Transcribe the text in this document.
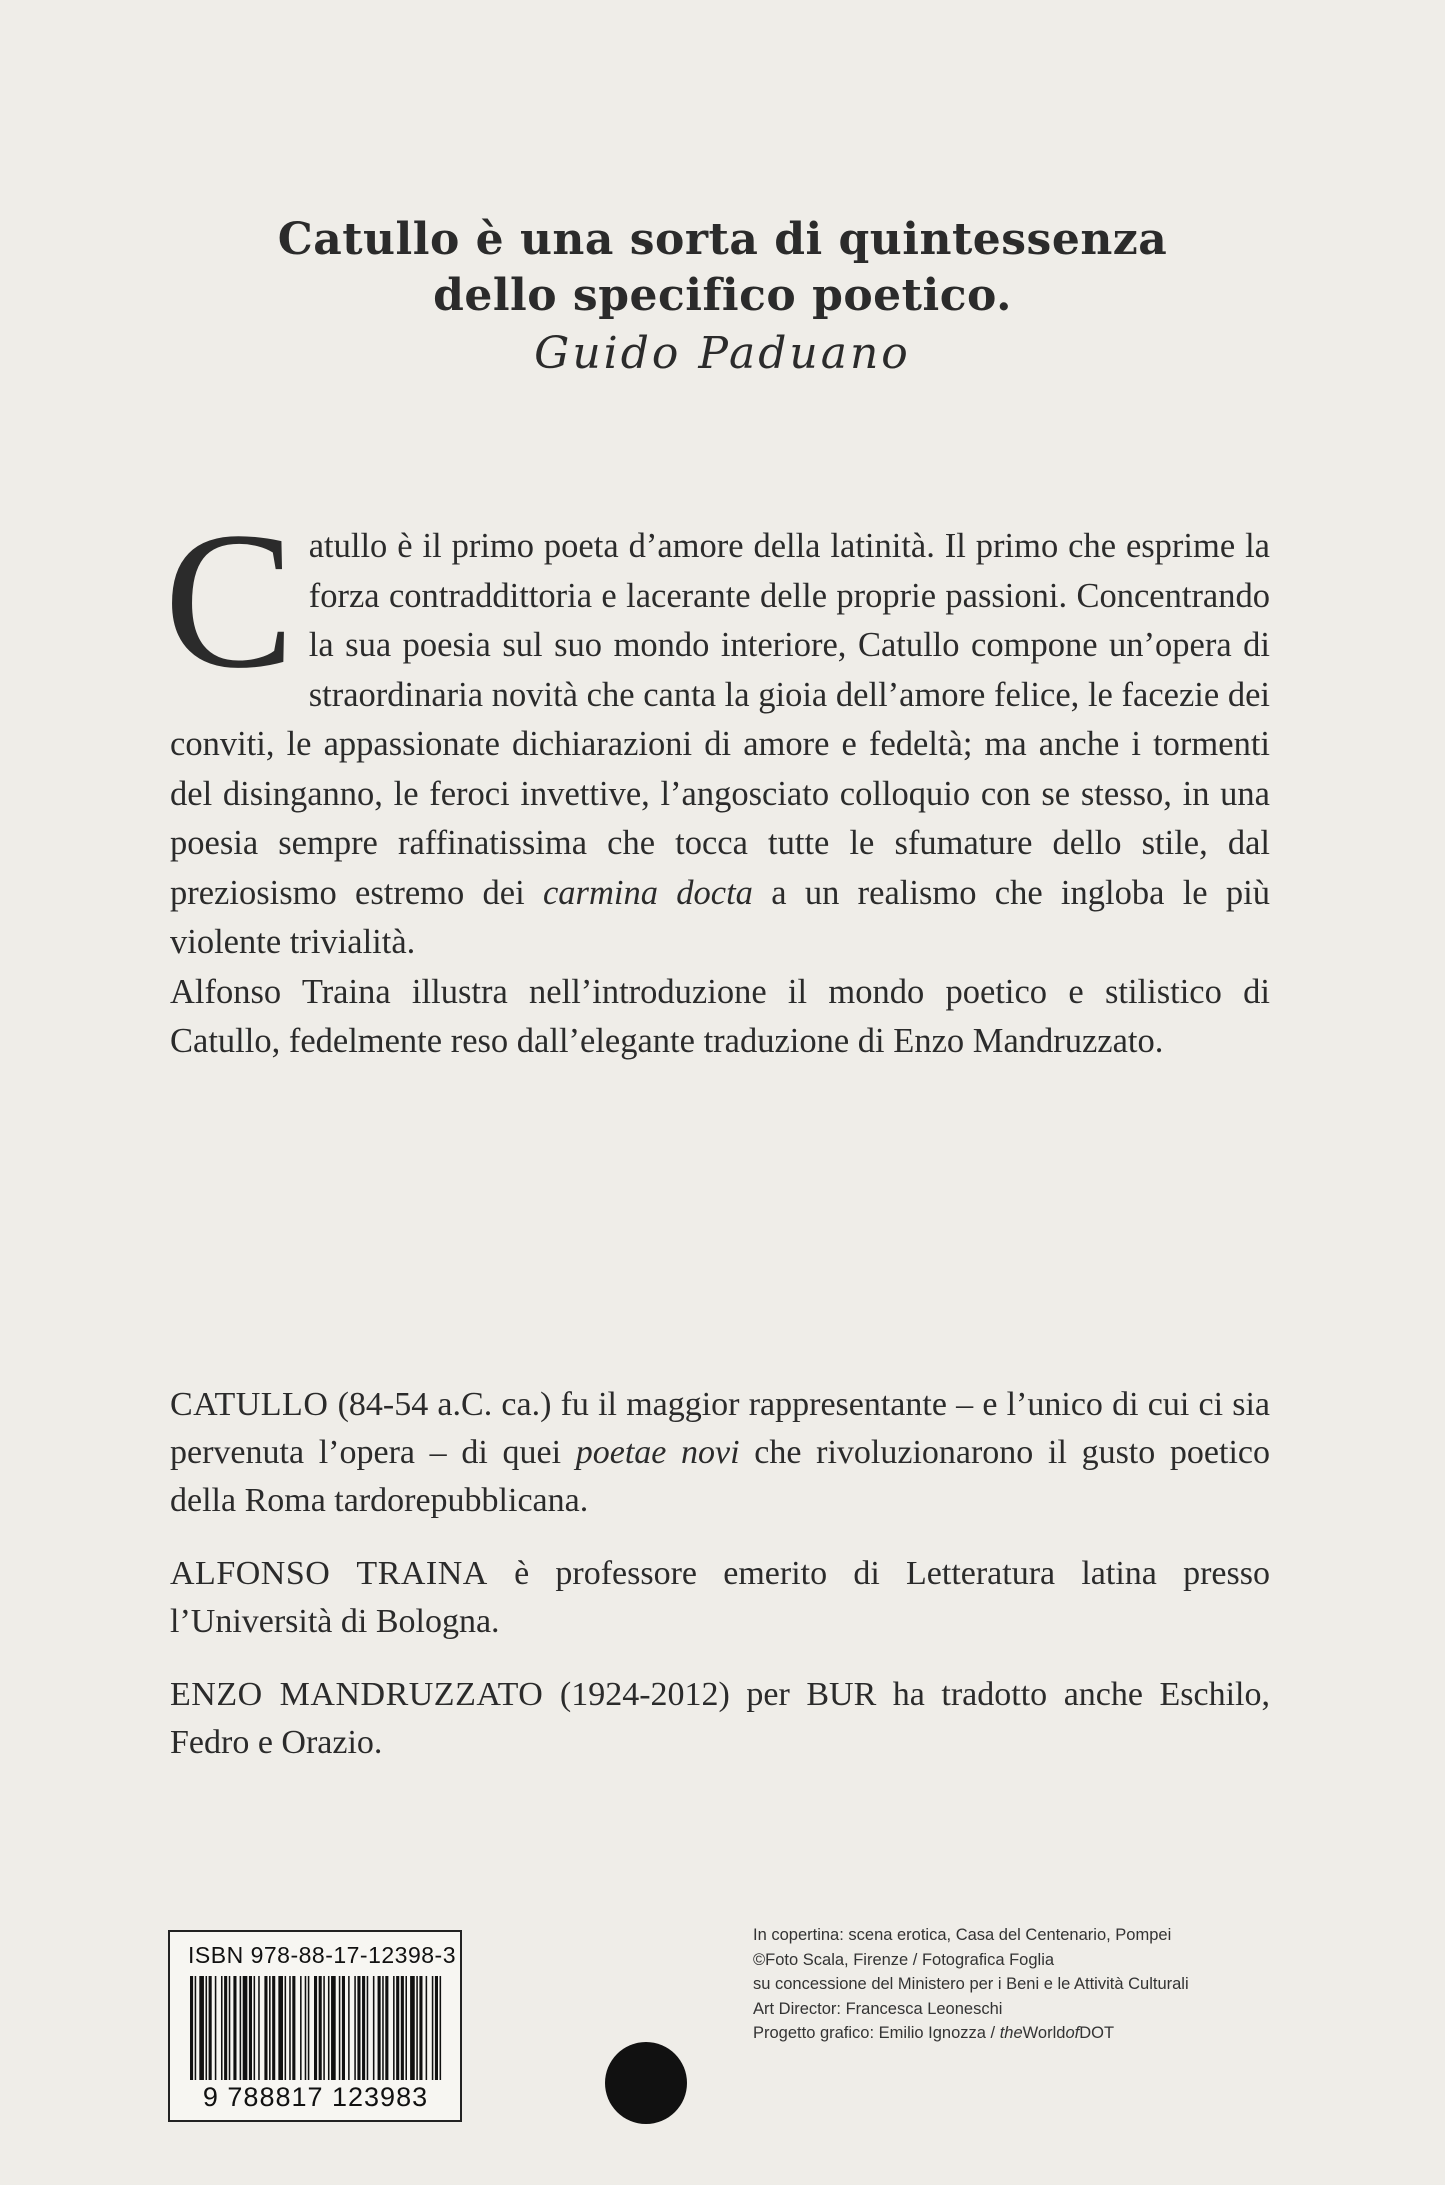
Catullo è una sorta di quintessenza
dello specifico poetico.
Guido Paduano

Catullo è il primo poeta d’amore della latinità. Il primo che esprime la forza contraddittoria e lacerante delle proprie passioni. Concentrando la sua poesia sul suo mondo interiore, Catullo compone un’opera di straordinaria novità che canta la gioia dell’amore felice, le facezie dei conviti, le appassionate dichiarazioni di amore e fedeltà; ma anche i tormenti del disinganno, le feroci invettive, l’angosciato colloquio con se stesso, in una poesia sempre raffinatissima che tocca tutte le sfumature dello stile, dal preziosismo estremo dei carmina docta a un realismo che ingloba le più violente trivialità.

Alfonso Traina illustra nell’introduzione il mondo poetico e stilistico di Catullo, fedelmente reso dall’elegante traduzione di Enzo Mandruzzato.

CATULLO (84-54 a.C. ca.) fu il maggior rappresentante – e l’unico di cui ci sia pervenuta l’opera – di quei poetae novi che rivoluzionarono il gusto poetico della Roma tardorepubblicana.

ALFONSO TRAINA è professore emerito di Letteratura latina presso l’Università di Bologna.

ENZO MANDRUZZATO (1924-2012) per BUR ha tradotto anche Eschilo, Fedro e Orazio.

ISBN 978-88-17-12398-3
9 788817 123983
In copertina: scena erotica, Casa del Centenario, Pompei
©Foto Scala, Firenze / Fotografica Foglia
su concessione del Ministero per i Beni e le Attività Culturali
Art Director: Francesca Leoneschi
Progetto grafico: Emilio Ignozza / theWorldofDOT
